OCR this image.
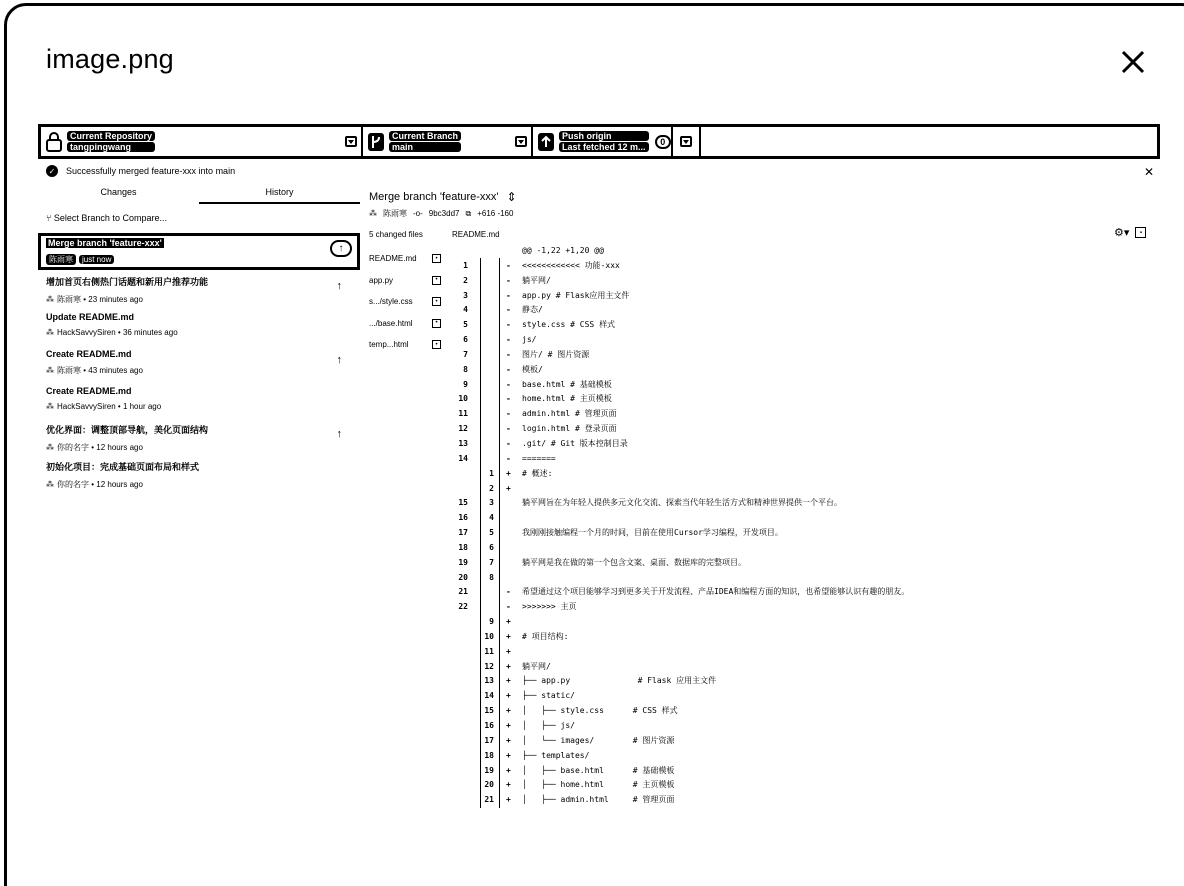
image.png
Current Repository
tangpingwang
Current Branch
main
Push origin
Last fetched 12 m...
0
✓ Successfully merged feature-xxx into main	✕
Changes	History
⑂ Select Branch to Compare...
Merge branch 'feature-xxx'
陈雨寒	just now
↑
增加首页右侧热门话题和新用户推荐功能
⁂ 陈雨寒 • 23 minutes ago
↑
Update README.md
⁂ HackSavvySiren • 36 minutes ago
Create README.md
⁂ 陈雨寒 • 43 minutes ago
↑
Create README.md
⁂ HackSavvySiren • 1 hour ago
优化界面：调整顶部导航，美化页面结构
⁂ 你的名字 • 12 hours ago
↑
初始化项目：完成基础页面布局和样式
⁂ 你的名字 • 12 hours ago
Merge branch 'feature-xxx' ⇕
⁂ 陈雨寒 -o- 9bc3dd7 ⧉ +616 -160
5 changed files
README.md	•
app.py	•
s.../style.css	•
.../base.html	•
temp...html	•
README.md	⚙▾	▪
@@ -1,22 +1,20 @@
1	- <<<<<<<<<<<< 功能-xxx
2	- 躺平网/
3	- app.py # Flask应用主文件
4	- 静态/
5	- style.css # CSS 样式
6	- js/
7	- 图片/ # 图片资源
8	- 模板/
9	- base.html # 基础模板
10	- home.html # 主页模板
11	- admin.html # 管理页面
12	- login.html # 登录页面
13	- .git/ # Git 版本控制目录
14	- =======
1 + # 概述:
2 +
15	3	躺平网旨在为年轻人提供多元文化交流、探索当代年轻生活方式和精神世界提供一个平台。
16	4
17	5	我刚刚接触编程一个月的时间，目前在使用Cursor学习编程，开发项目。
18	6
19	7	躺平网是我在做的第一个包含文案、桌面、数据库的完整项目。
20	8
21	- 希望通过这个项目能够学习到更多关于开发流程、产品IDEA和编程方面的知识，也希望能够认识有趣的朋友。
22	- >>>>>>> 主页
9 +
10 + # 项目结构:
11 +
12 + 躺平网/
13 + ├── app.py              # Flask 应用主文件
14 + ├── static/
15 + │   ├── style.css      # CSS 样式
16 + │   ├── js/
17 + │   └── images/        # 图片资源
18 + ├── templates/
19 + │   ├── base.html      # 基础模板
20 + │   ├── home.html      # 主页模板
21 + │   ├── admin.html     # 管理页面
